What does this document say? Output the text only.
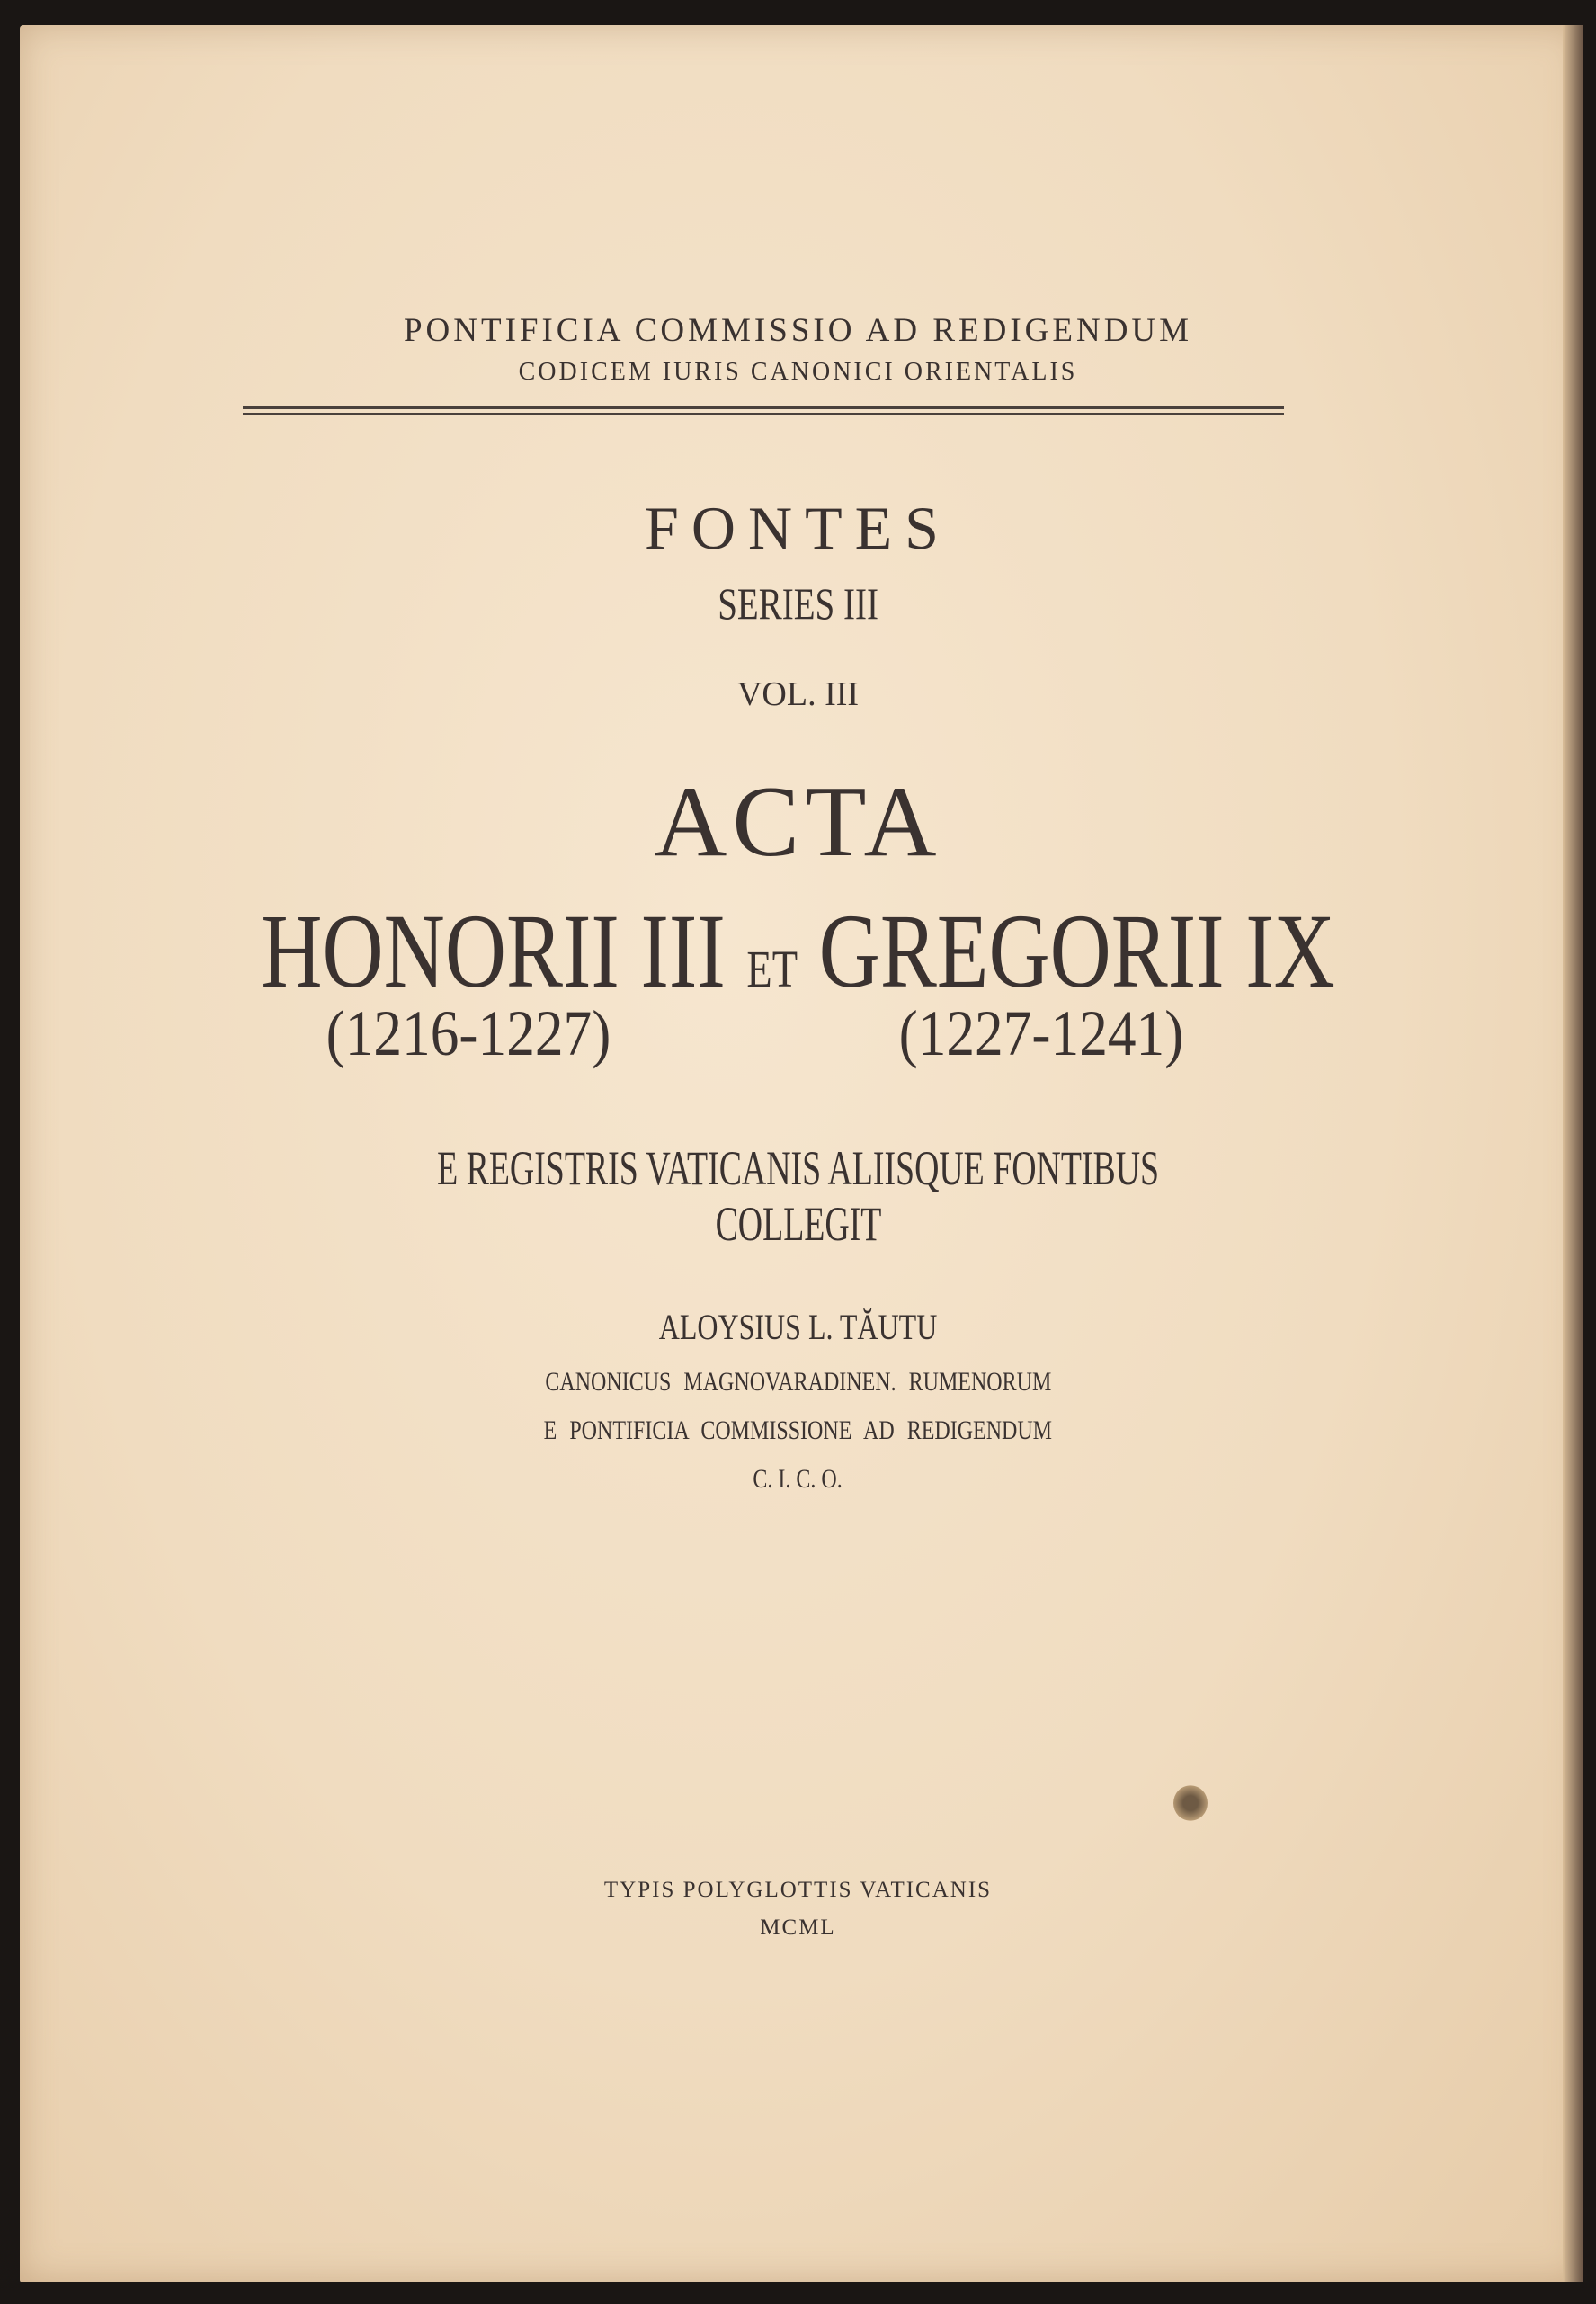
PONTIFICIA COMMISSIO AD REDIGENDUM
CODICEM IURIS CANONICI ORIENTALIS
FONTES
SERIES III
VOL. III
ACTA
HONORII III ET GREGORII IX
(1216-1227)	(1227-1241)
E REGISTRIS VATICANIS ALIISQUE FONTIBUS
COLLEGIT
ALOYSIUS L. TĂUTU
CANONICUS MAGNOVARADINEN. RUMENORUM
E PONTIFICIA COMMISSIONE AD REDIGENDUM
C. I. C. O.
TYPIS POLYGLOTTIS VATICANIS
MCML
